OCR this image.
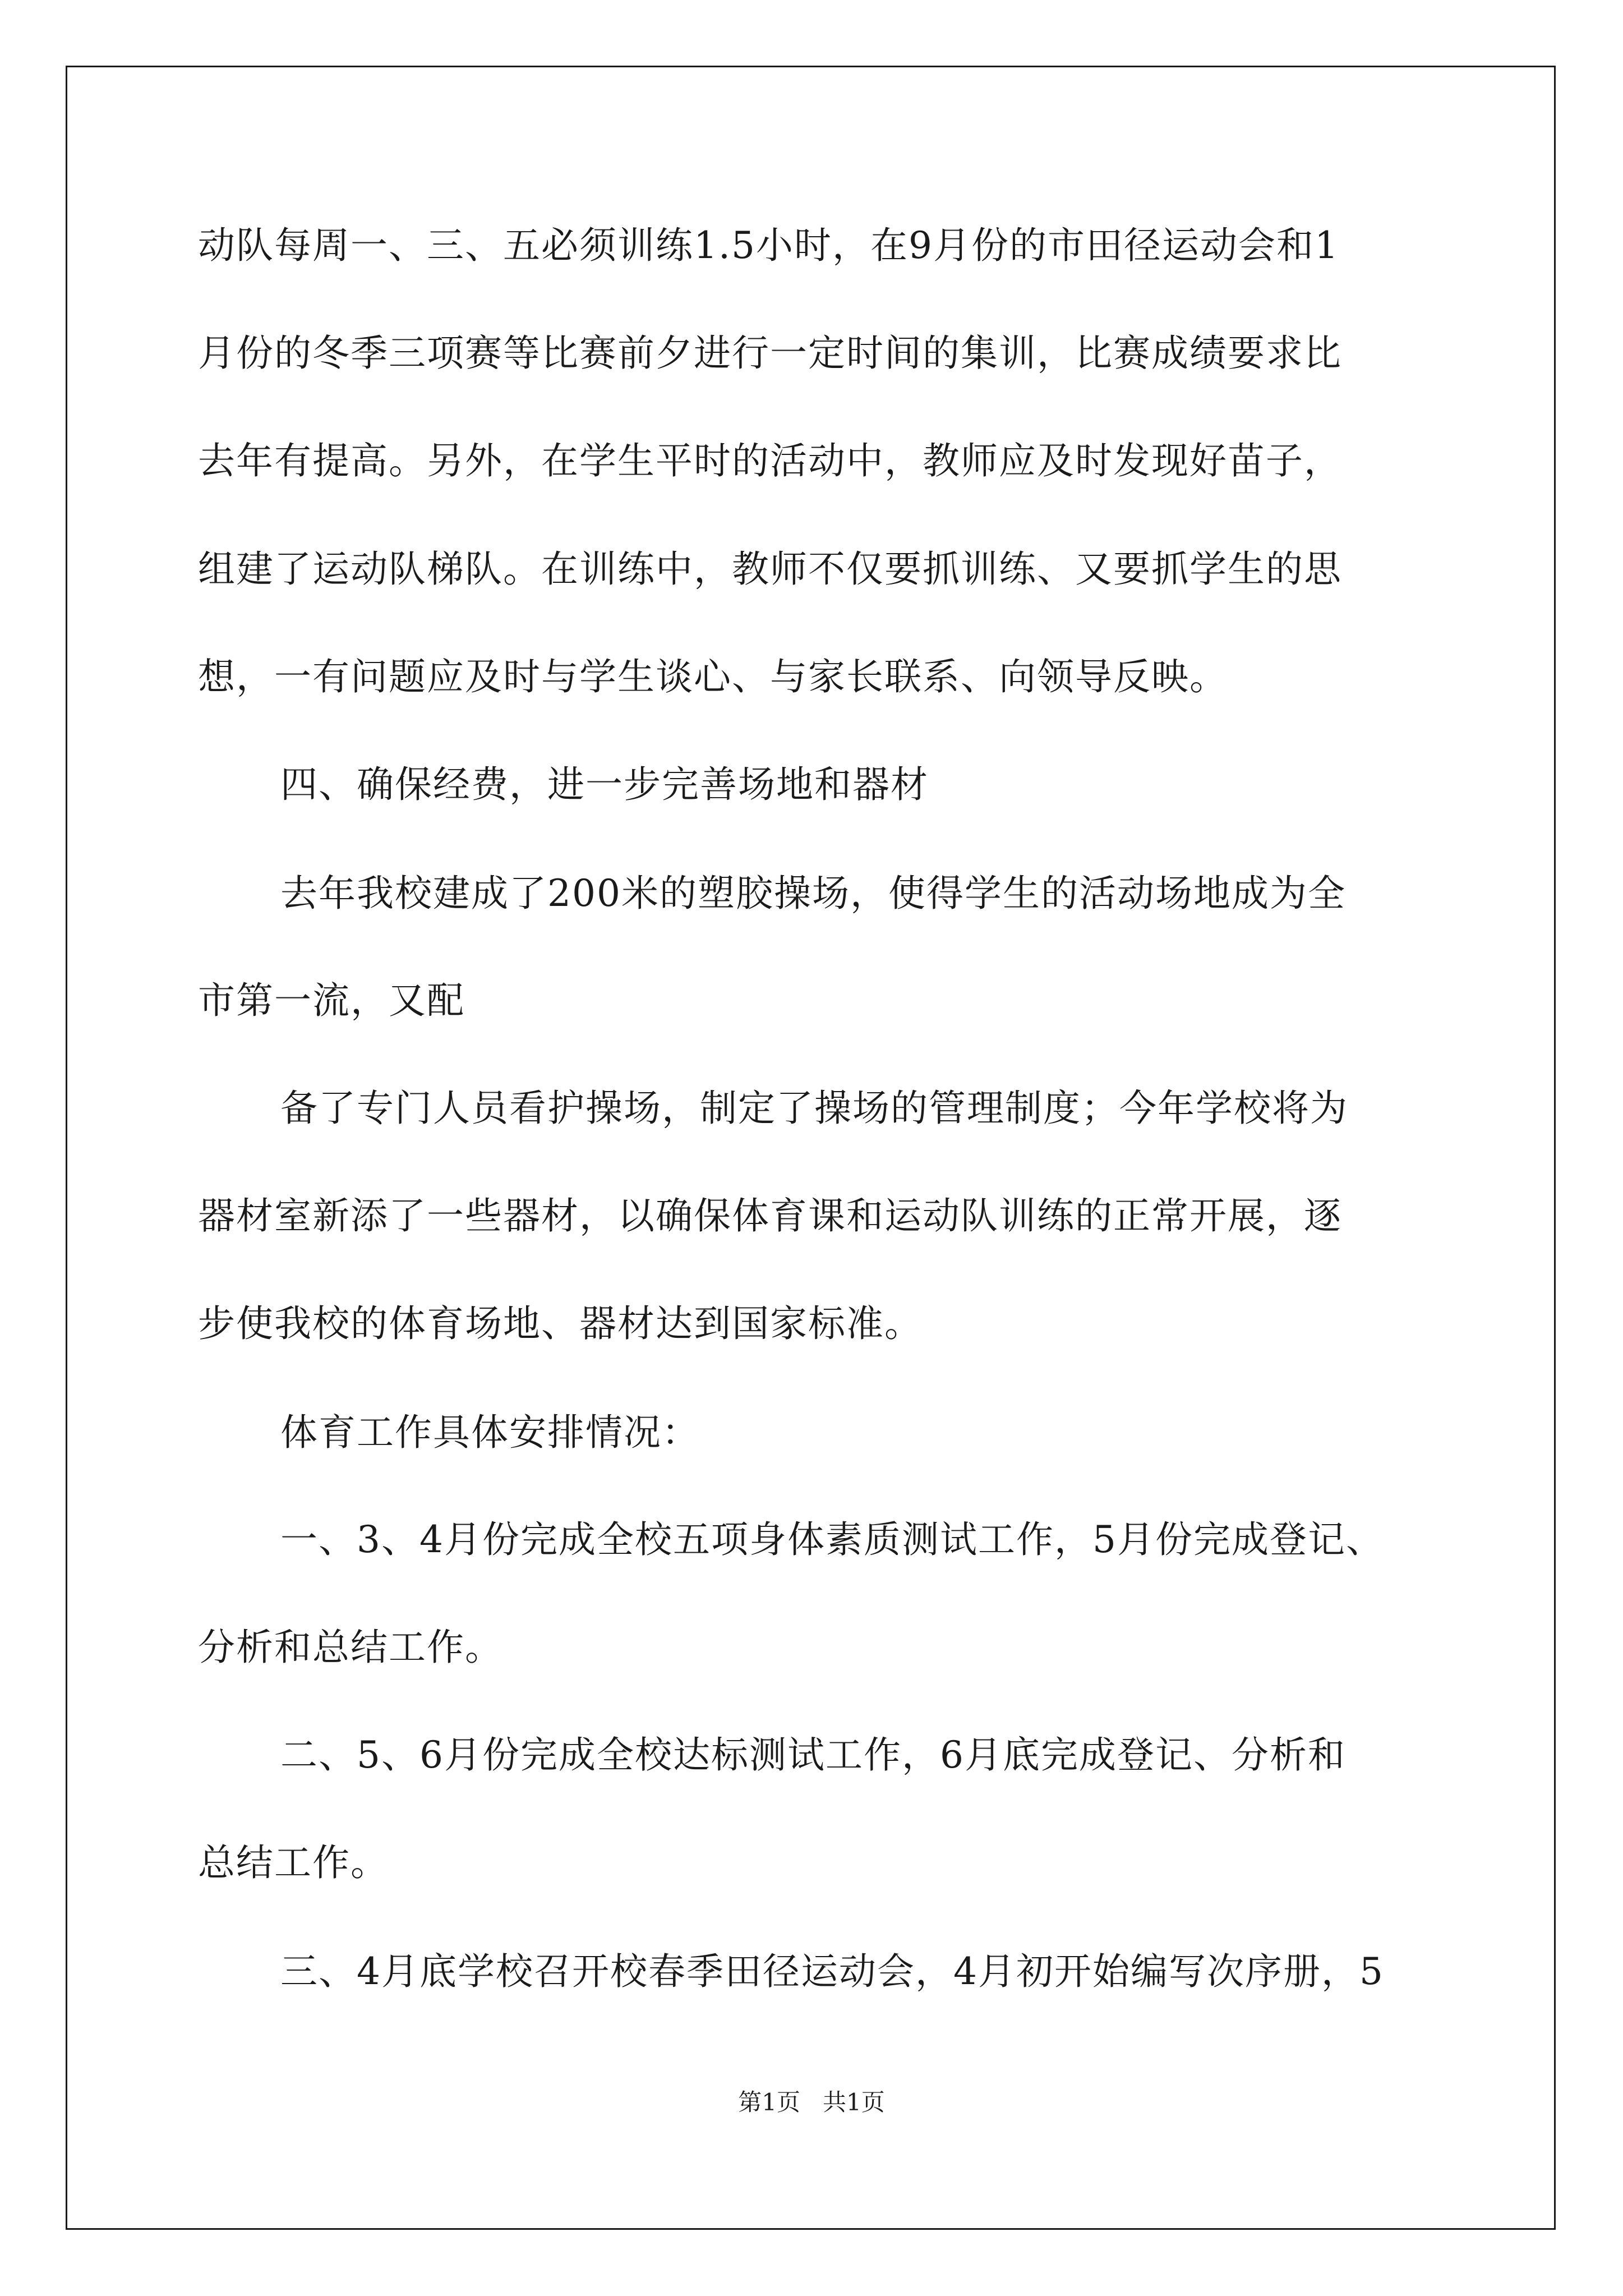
动队每周一、三、五必须训练1.5小时，在9月份的市田径运动会和1
月份的冬季三项赛等比赛前夕进行一定时间的集训，比赛成绩要求比
去年有提高。另外，在学生平时的活动中，教师应及时发现好苗子，
组建了运动队梯队。在训练中，教师不仅要抓训练、又要抓学生的思
想，一有问题应及时与学生谈心、与家长联系、向领导反映。
四、确保经费，进一步完善场地和器材
去年我校建成了200米的塑胶操场，使得学生的活动场地成为全
市第一流，又配
备了专门人员看护操场，制定了操场的管理制度；今年学校将为
器材室新添了一些器材，以确保体育课和运动队训练的正常开展，逐
步使我校的体育场地、器材达到国家标准。
体育工作具体安排情况：
一、3、4月份完成全校五项身体素质测试工作，5月份完成登记、
分析和总结工作。
二、5、6月份完成全校达标测试工作，6月底完成登记、分析和
总结工作。
三、4月底学校召开校春季田径运动会，4月初开始编写次序册，5
第1页   共1页
